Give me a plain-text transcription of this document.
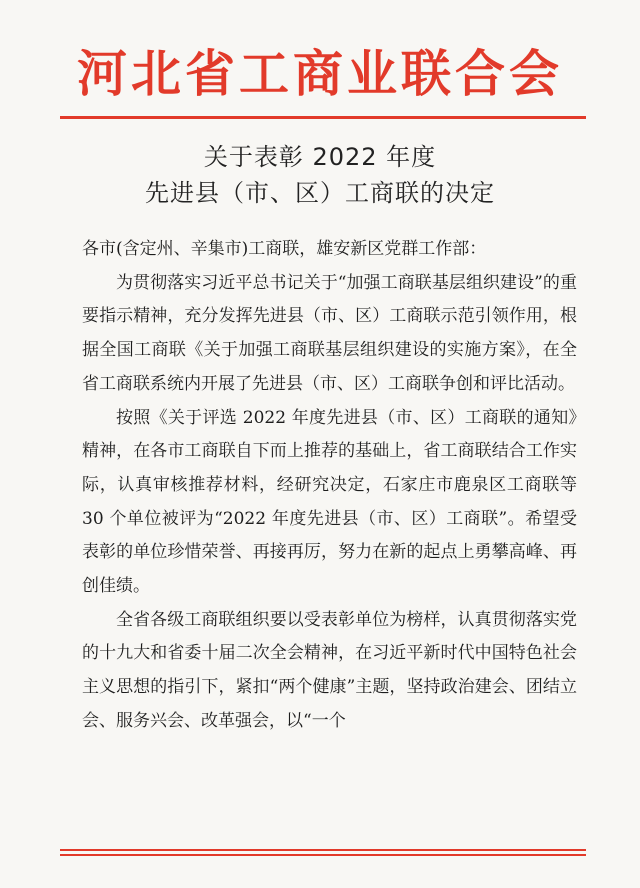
河北省工商业联合会
关于表彰 2022 年度
先进县（市、区）工商联的决定

各市(含定州、辛集市)工商联，雄安新区党群工作部：

为贯彻落实习近平总书记关于“加强工商联基层组织建设”的重要指示精神，充分发挥先进县（市、区）工商联示范引领作用，根据全国工商联《关于加强工商联基层组织建设的实施方案》，在全省工商联系统内开展了先进县（市、区）工商联争创和评比活动。

按照《关于评选 2022 年度先进县（市、区）工商联的通知》精神，在各市工商联自下而上推荐的基础上，省工商联结合工作实际，认真审核推荐材料，经研究决定，石家庄市鹿泉区工商联等 30 个单位被评为“2022 年度先进县（市、区）工商联”。希望受表彰的单位珍惜荣誉、再接再厉，努力在新的起点上勇攀高峰、再创佳绩。

全省各级工商联组织要以受表彰单位为榜样，认真贯彻落实党的十九大和省委十届二次全会精神，在习近平新时代中国特色社会主义思想的指引下，紧扣“两个健康”主题，坚持政治建会、团结立会、服务兴会、改革强会，以“一个
